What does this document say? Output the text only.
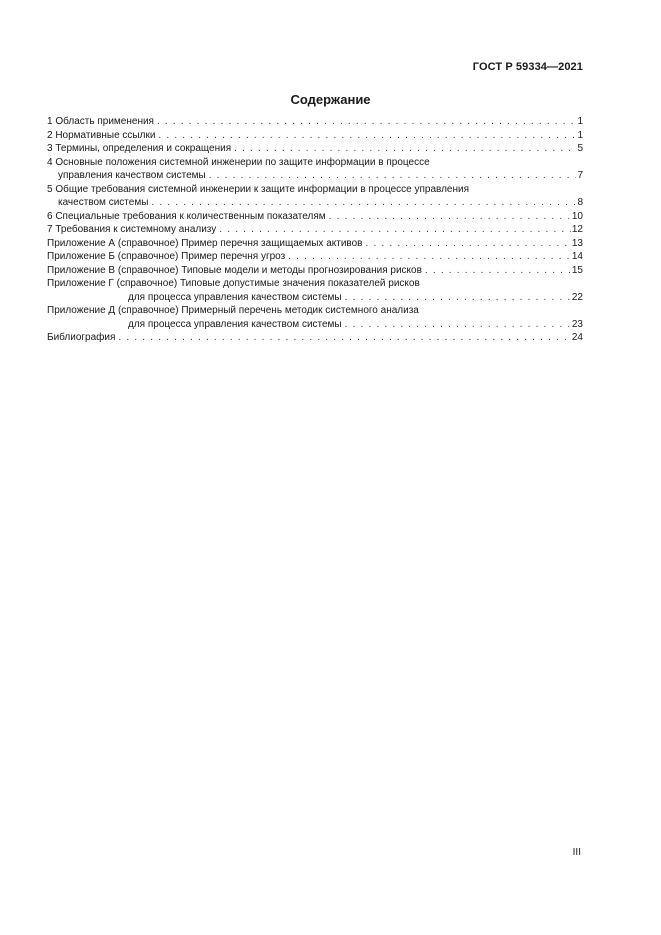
ГОСТ Р 59334—2021
Содержание
1 Область применения . . .	1
2 Нормативные ссылки . . .	1
3 Термины, определения и сокращения . . .	5
4 Основные положения системной инженерии по защите информации в процессе
управления качеством системы . . .	7
5 Общие требования системной инженерии к защите информации в процессе управления
качеством системы . . .	8
6 Специальные требования к количественным показателям . . .	10
7 Требования к системному анализу . . .	12
Приложение А (справочное) Пример перечня защищаемых активов . . .	13
Приложение Б (справочное) Пример перечня угроз . . .	14
Приложение В (справочное) Типовые модели и методы прогнозирования рисков . . .	15
Приложение Г (справочное) Типовые допустимые значения показателей рисков
для процесса управления качеством системы . . .	22
Приложение Д (справочное) Примерный перечень методик системного анализа
для процесса управления качеством системы . . .	23
Библиография . . .	24
III
